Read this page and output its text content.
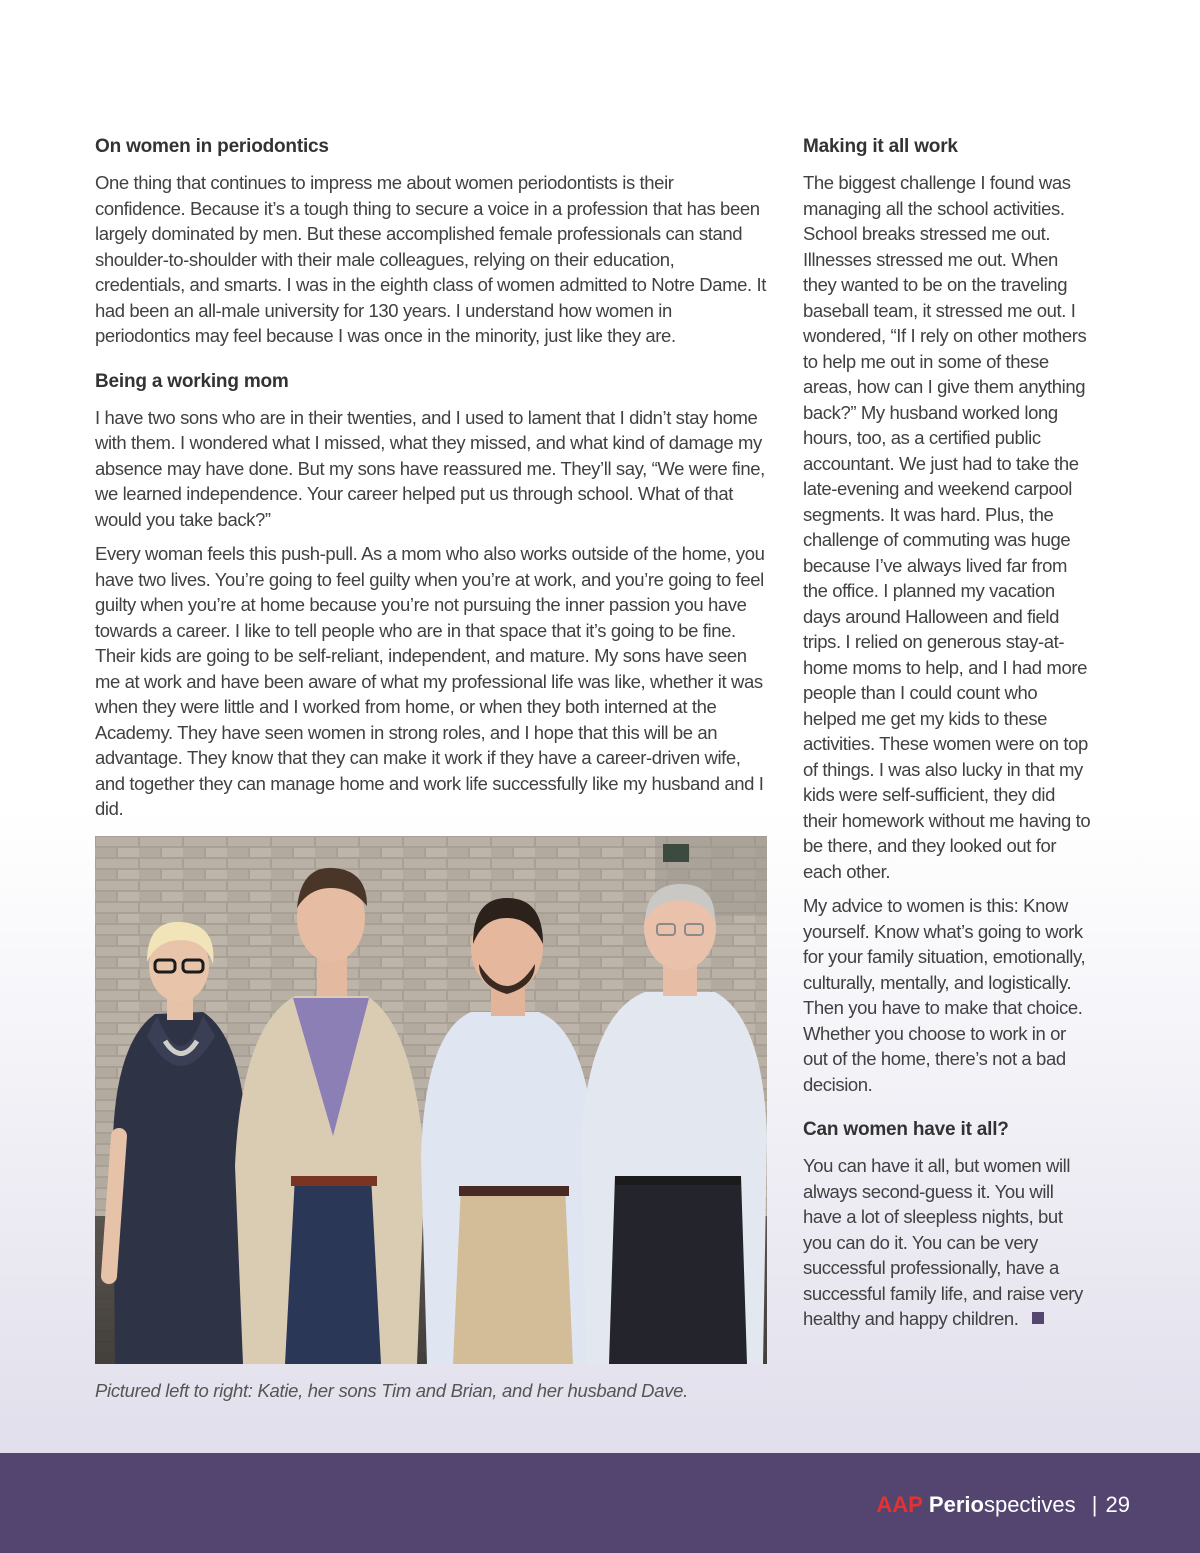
On women in periodontics

One thing that continues to impress me about women periodontists is their confidence. Because it’s a tough thing to secure a voice in a profession that has been largely dominated by men. But these accomplished female professionals can stand shoulder-to-shoulder with their male colleagues, relying on their education, credentials, and smarts. I was in the eighth class of women admitted to Notre Dame. It had been an all-male university for 130 years. I understand how women in periodontics may feel because I was once in the minority, just like they are.

Being a working mom

I have two sons who are in their twenties, and I used to lament that I didn’t stay home with them. I wondered what I missed, what they missed, and what kind of damage my absence may have done. But my sons have reassured me. They’ll say, “We were fine, we learned independence. Your career helped put us through school. What of that would you take back?”

Every woman feels this push-pull. As a mom who also works outside of the home, you have two lives. You’re going to feel guilty when you’re at work, and you’re going to feel guilty when you’re at home because you’re not pursuing the inner passion you have towards a career. I like to tell people who are in that space that it’s going to be fine. Their kids are going to be self-reliant, independent, and mature. My sons have seen me at work and have been aware of what my professional life was like, whether it was when they were little and I worked from home, or when they both interned at the Academy. They have seen women in strong roles, and I hope that this will be an advantage. They know that they can make it work if they have a career-driven wife, and together they can manage home and work life successfully like my husband and I did.

Making it all work

The biggest challenge I found was managing all the school activities. School breaks stressed me out. Illnesses stressed me out. When they wanted to be on the traveling baseball team, it stressed me out. I wondered, “If I rely on other mothers to help me out in some of these areas, how can I give them anything back?” My husband worked long hours, too, as a certified public accountant. We just had to take the late-evening and weekend carpool segments. It was hard. Plus, the challenge of commuting was huge because I’ve always lived far from the office. I planned my vacation days around Halloween and field trips. I relied on generous stay-at-home moms to help, and I had more people than I could count who helped me get my kids to these activities. These women were on top of things. I was also lucky in that my kids were self-sufficient, they did their homework without me having to be there, and they looked out for each other.

My advice to women is this: Know yourself. Know what’s going to work for your family situation, emotionally, culturally, mentally, and logistically. Then you have to make that choice. Whether you choose to work in or out of the home, there’s not a bad decision.

Can women have it all?

You can have it all, but women will always second-guess it. You will have a lot of sleepless nights, but you can do it. You can be very successful professionally, have a successful family life, and raise very healthy and happy children.

Pictured left to right: Katie, her sons Tim and Brian, and her husband Dave.
AAP Periospectives | 29
